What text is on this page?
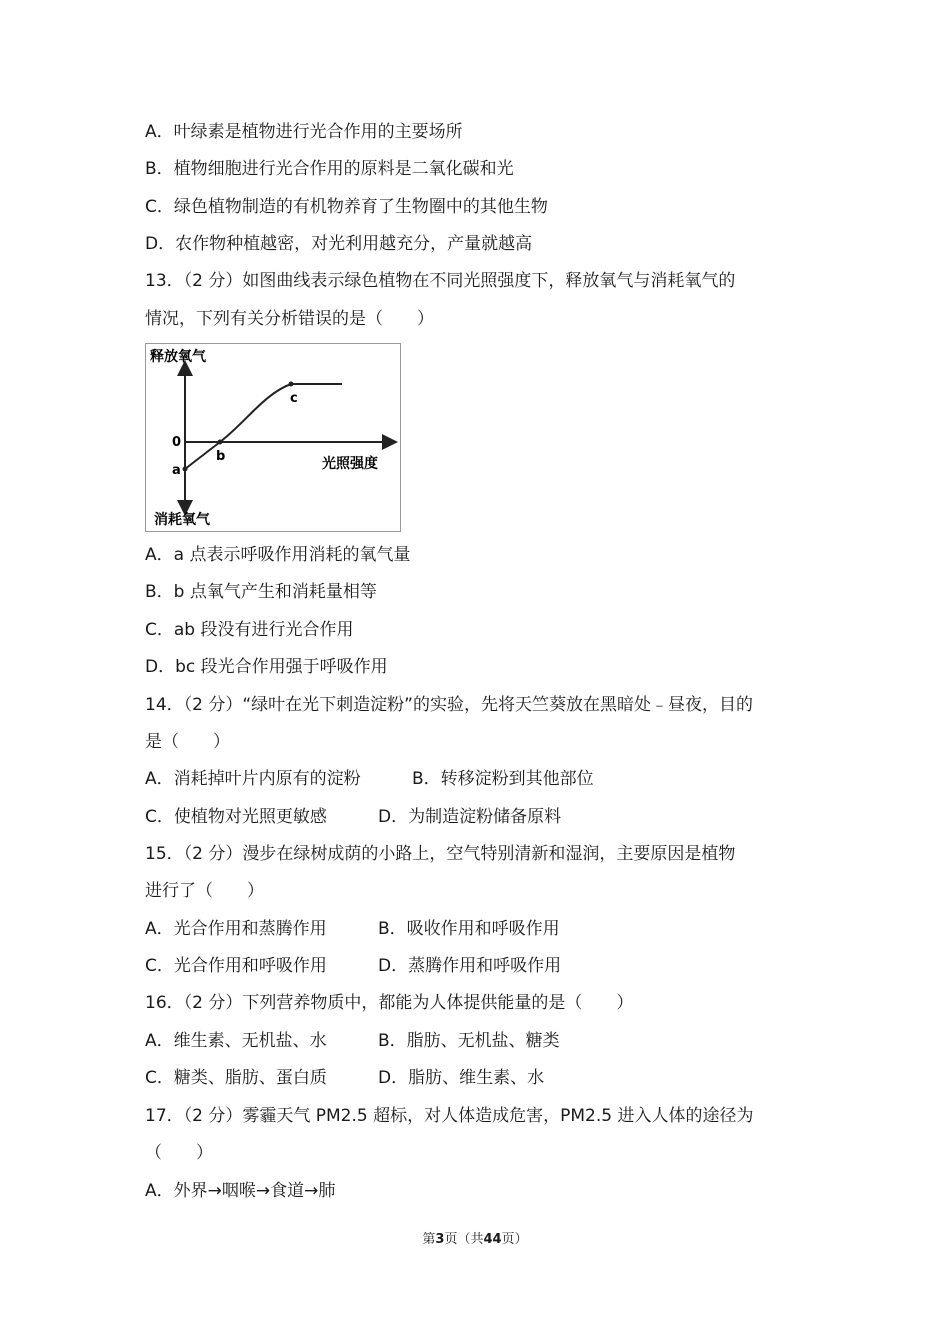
A．叶绿素是植物进行光合作用的主要场所
B．植物细胞进行光合作用的原料是二氧化碳和光
C．绿色植物制造的有机物养育了生物圈中的其他生物
D．农作物种植越密，对光利用越充分，产量就越高
13．（2 分）如图曲线表示绿色植物在不同光照强度下，释放氧气与消耗氧气的
情况，下列有关分析错误的是（　　）
释放氧气
消耗氧气
光照强度
0
a
b
c
A．a 点表示呼吸作用消耗的氧气量
B．b 点氧气产生和消耗量相等
C．ab 段没有进行光合作用
D．bc 段光合作用强于呼吸作用
14．（2 分）“绿叶在光下刺造淀粉”的实验，先将天竺葵放在黑暗处﹣昼夜，目的
是（　　）
A．消耗掉叶片内原有的淀粉	B．转移淀粉到其他部位
C．使植物对光照更敏感	D．为制造淀粉储备原料
15．（2 分）漫步在绿树成荫的小路上，空气特别清新和湿润，主要原因是植物
进行了（　　）
A．光合作用和蒸腾作用	B．吸收作用和呼吸作用
C．光合作用和呼吸作用	D．蒸腾作用和呼吸作用
16．（2 分）下列营养物质中，都能为人体提供能量的是（　　）
A．维生素、无机盐、水	B．脂肪、无机盐、糖类
C．糖类、脂肪、蛋白质	D．脂肪、维生素、水
17．（2 分）雾霾天气 PM2.5 超标，对人体造成危害，PM2.5 进入人体的途径为
（　　）
A．外界→咽喉→食道→肺
第3页（共44页）
